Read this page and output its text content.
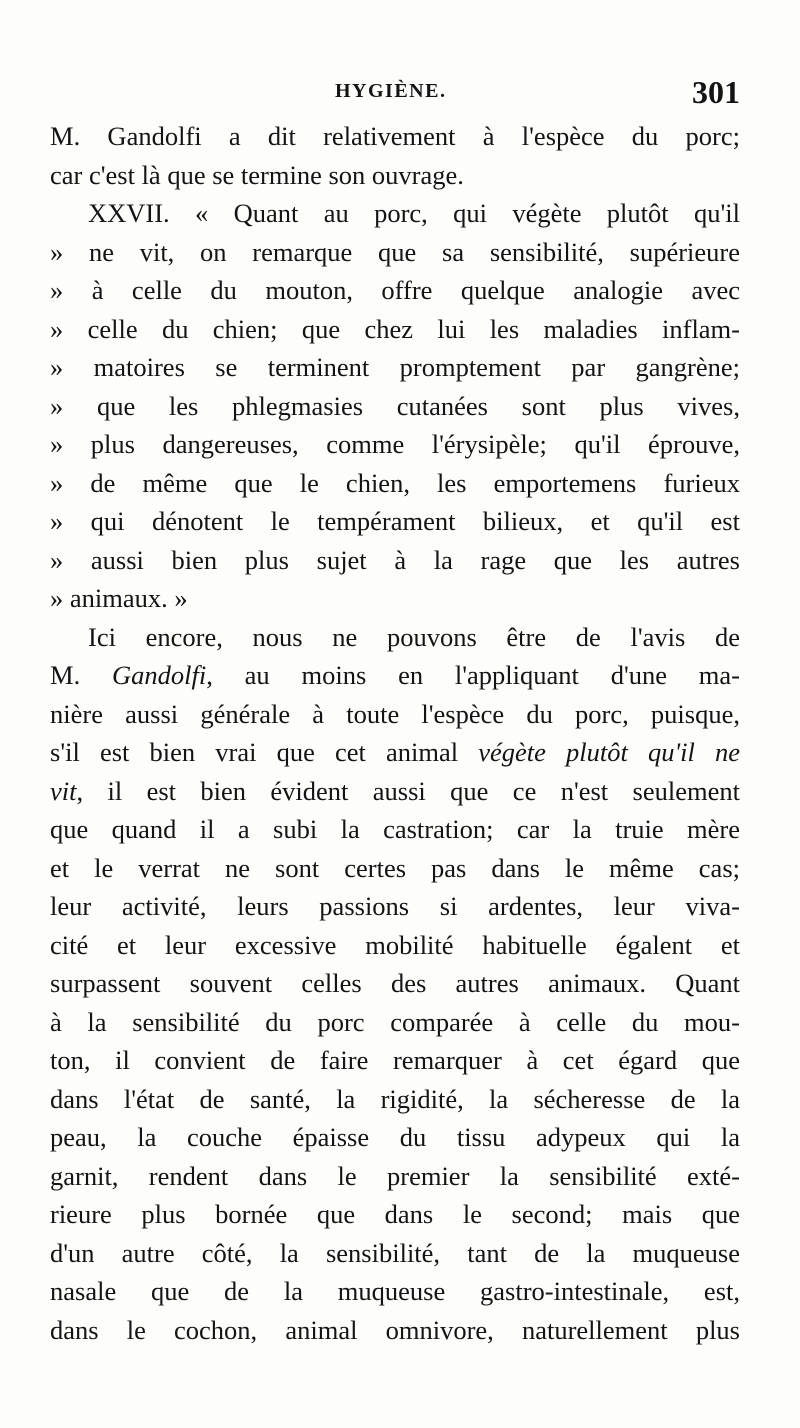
HYGIÈNE.	301
M. Gandolfi a dit relativement à l'espèce du porc;
car c'est là que se termine son ouvrage.
XXVII. « Quant au porc, qui végète plutôt qu'il
» ne vit, on remarque que sa sensibilité, supérieure
» à celle du mouton, offre quelque analogie avec
» celle du chien; que chez lui les maladies inflam-
» matoires se terminent promptement par gangrène;
» que les phlegmasies cutanées sont plus vives,
» plus dangereuses, comme l'érysipèle; qu'il éprouve,
» de même que le chien, les emportemens furieux
» qui dénotent le tempérament bilieux, et qu'il est
» aussi bien plus sujet à la rage que les autres
» animaux. »
Ici encore, nous ne pouvons être de l'avis de
M. Gandolfi, au moins en l'appliquant d'une ma-
nière aussi générale à toute l'espèce du porc, puisque,
s'il est bien vrai que cet animal végète plutôt qu'il ne
vit, il est bien évident aussi que ce n'est seulement
que quand il a subi la castration; car la truie mère
et le verrat ne sont certes pas dans le même cas;
leur activité, leurs passions si ardentes, leur viva-
cité et leur excessive mobilité habituelle égalent et
surpassent souvent celles des autres animaux. Quant
à la sensibilité du porc comparée à celle du mou-
ton, il convient de faire remarquer à cet égard que
dans l'état de santé, la rigidité, la sécheresse de la
peau, la couche épaisse du tissu adypeux qui la
garnit, rendent dans le premier la sensibilité exté-
rieure plus bornée que dans le second; mais que
d'un autre côté, la sensibilité, tant de la muqueuse
nasale que de la muqueuse gastro-intestinale, est,
dans le cochon, animal omnivore, naturellement plus
